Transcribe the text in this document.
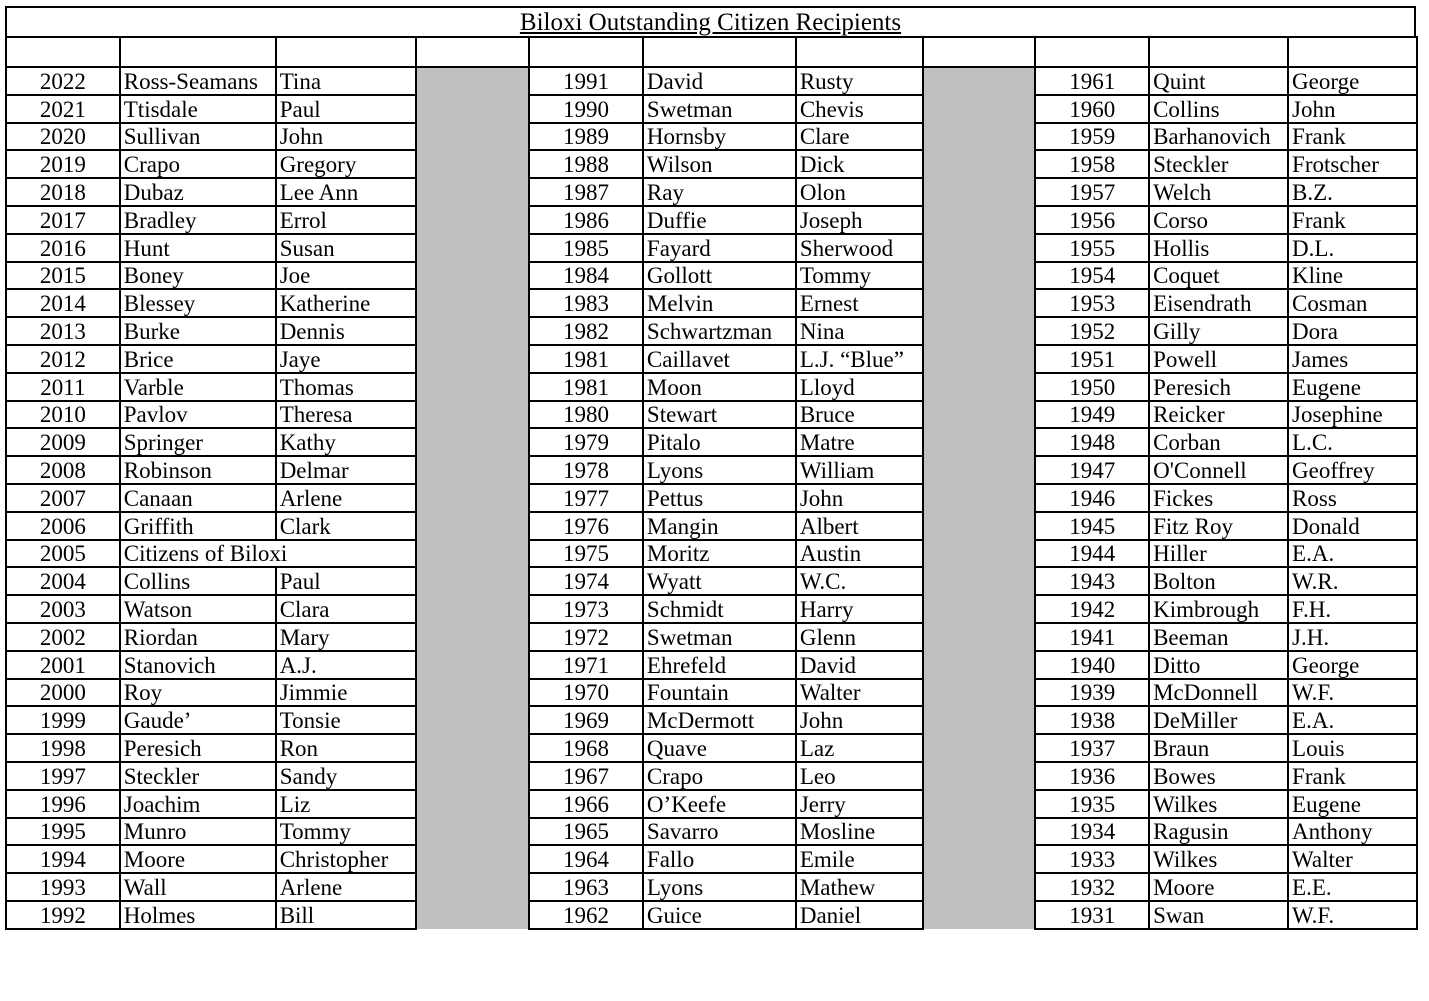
Biloxi Outstanding Citizen Recipients

2022	Ross-Seamans	Tina		1991	David	Rusty		1961	Quint	George
2021	Ttisdale	Paul		1990	Swetman	Chevis		1960	Collins	John
2020	Sullivan	John		1989	Hornsby	Clare		1959	Barhanovich	Frank
2019	Crapo	Gregory		1988	Wilson	Dick		1958	Steckler	Frotscher
2018	Dubaz	Lee Ann		1987	Ray	Olon		1957	Welch	B.Z.
2017	Bradley	Errol		1986	Duffie	Joseph		1956	Corso	Frank
2016	Hunt	Susan		1985	Fayard	Sherwood		1955	Hollis	D.L.
2015	Boney	Joe		1984	Gollott	Tommy		1954	Coquet	Kline
2014	Blessey	Katherine		1983	Melvin	Ernest		1953	Eisendrath	Cosman
2013	Burke	Dennis		1982	Schwartzman	Nina		1952	Gilly	Dora
2012	Brice	Jaye		1981	Caillavet	L.J. “Blue”		1951	Powell	James
2011	Varble	Thomas		1981	Moon	Lloyd		1950	Peresich	Eugene
2010	Pavlov	Theresa		1980	Stewart	Bruce		1949	Reicker	Josephine
2009	Springer	Kathy		1979	Pitalo	Matre		1948	Corban	L.C.
2008	Robinson	Delmar		1978	Lyons	William		1947	O'Connell	Geoffrey
2007	Canaan	Arlene		1977	Pettus	John		1946	Fickes	Ross
2006	Griffith	Clark		1976	Mangin	Albert		1945	Fitz Roy	Donald
2005	Citizens of Biloxi			1975	Moritz	Austin		1944	Hiller	E.A.
2004	Collins	Paul		1974	Wyatt	W.C.		1943	Bolton	W.R.
2003	Watson	Clara		1973	Schmidt	Harry		1942	Kimbrough	F.H.
2002	Riordan	Mary		1972	Swetman	Glenn		1941	Beeman	J.H.
2001	Stanovich	A.J.		1971	Ehrefeld	David		1940	Ditto	George
2000	Roy	Jimmie		1970	Fountain	Walter		1939	McDonnell	W.F.
1999	Gaude’	Tonsie		1969	McDermott	John		1938	DeMiller	E.A.
1998	Peresich	Ron		1968	Quave	Laz		1937	Braun	Louis
1997	Steckler	Sandy		1967	Crapo	Leo		1936	Bowes	Frank
1996	Joachim	Liz		1966	O’Keefe	Jerry		1935	Wilkes	Eugene
1995	Munro	Tommy		1965	Savarro	Mosline		1934	Ragusin	Anthony
1994	Moore	Christopher		1964	Fallo	Emile		1933	Wilkes	Walter
1993	Wall	Arlene		1963	Lyons	Mathew		1932	Moore	E.E.
1992	Holmes	Bill		1962	Guice	Daniel		1931	Swan	W.F.
